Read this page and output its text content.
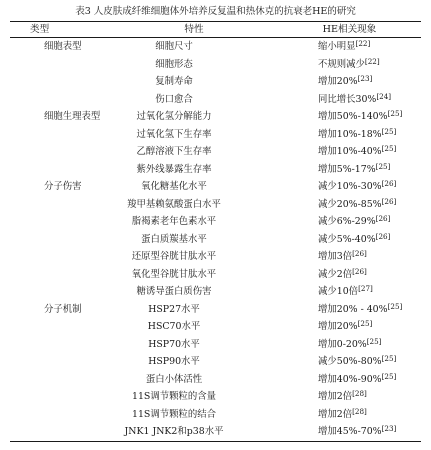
表3 人皮肤成纤维细胞体外培养反复温和热休克的抗衰老HE的研究
类型	特性	HE相关现象
细胞表型	细胞尺寸	缩小明显[22]
	细胞形态	不规则减少[22]
	复制寿命	增加20%[23]
	伤口愈合	同比增长30%[24]
细胞生理表型	过氧化氢分解能力	增加50%-140%[25]
	过氧化氢下生存率	增加10%-18%[25]
	乙醇溶液下生存率	增加10%-40%[25]
	紫外线暴露生存率	增加5%-17%[25]
分子伤害	氧化糖基化水平	减少10%-30%[26]
	羧甲基赖氨酸蛋白水平	减少20%-85%[26]
	脂褐素老年色素水平	减少6%-29%[26]
	蛋白质羰基水平	减少5%-40%[26]
	还原型谷胱甘肽水平	增加3倍[26]
	氧化型谷胱甘肽水平	减少2倍[26]
	糖诱导蛋白质伤害	减少10倍[27]
分子机制	HSP27水平	增加20% - 40%[25]
	HSC70水平	增加20%[25]
	HSP70水平	增加0-20%[25]
	HSP90水平	减少50%-80%[25]
	蛋白小体活性	增加40%-90%[25]
	11S调节颗粒的含量	增加2倍[28]
	11S调节颗粒的结合	增加2倍[28]
	JNK1 JNK2和p38水平	增加45%-70%[23]
